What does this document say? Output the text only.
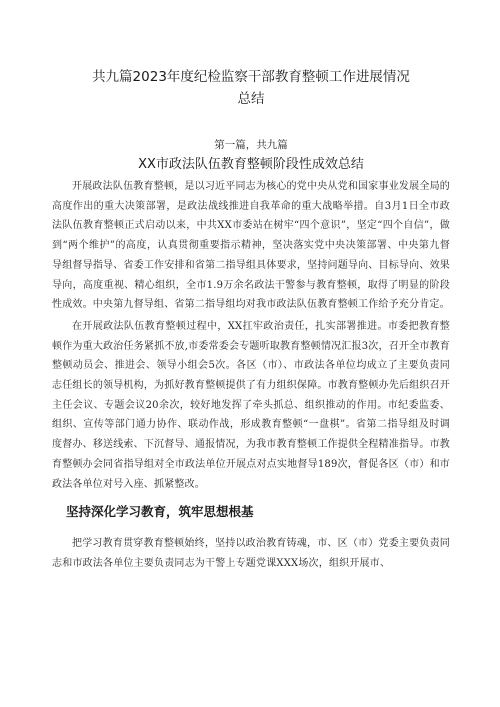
共九篇2023年度纪检监察干部教育整顿工作进展情况
总结
第一篇，共九篇
XX市政法队伍教育整顿阶段性成效总结

开展政法队伍教育整顿，是以习近平同志为核心的党中央从党和国家事业发展全局的高度作出的重大决策部署，是政法战线推进自我革命的重大战略举措。自3月1日全市政法队伍教育整顿正式启动以来，中共XX市委站在树牢“四个意识”，坚定“四个自信”，做到“两个维护”的高度，认真贯彻重要指示精神，坚决落实党中央决策部署、中央第九督导组督导指导、省委工作安排和省第二指导组具体要求，坚持问题导向、目标导向、效果导向，高度重视、精心组织，全市1.9万余名政法干警参与教育整顿，取得了明显的阶段性成效。中央第九督导组、省第二指导组均对我市政法队伍教育整顿工作给予充分肯定。

在开展政法队伍教育整顿过程中，XX扛牢政治责任，扎实部署推进。市委把教育整顿作为重大政治任务紧抓不放,市委常委会专题听取教育整顿情况汇报3次，召开全市教育整顿动员会、推进会、领导小组会5次。各区（市）、市政法各单位均成立了主要负责同志任组长的领导机构，为抓好教育整顿提供了有力组织保障。市教育整顿办先后组织召开主任会议、专题会议20余次，较好地发挥了牵头抓总、组织推动的作用。市纪委监委、组织、宣传等部门通力协作、联动作战，形成教育整顿“一盘棋”。省第二指导组及时调度督办、移送线索、下沉督导、通报情况，为我市教育整顿工作提供全程精准指导。市教育整顿办会同省指导组对全市政法单位开展点对点实地督导189次，督促各区（市）和市政法各单位对号入座、抓紧整改。

坚持深化学习教育，筑牢思想根基

把学习教育贯穿教育整顿始终，坚持以政治教育铸魂，市、区（市）党委主要负责同志和市政法各单位主要负责同志为干警上专题党课XXX场次，组织开展市、
